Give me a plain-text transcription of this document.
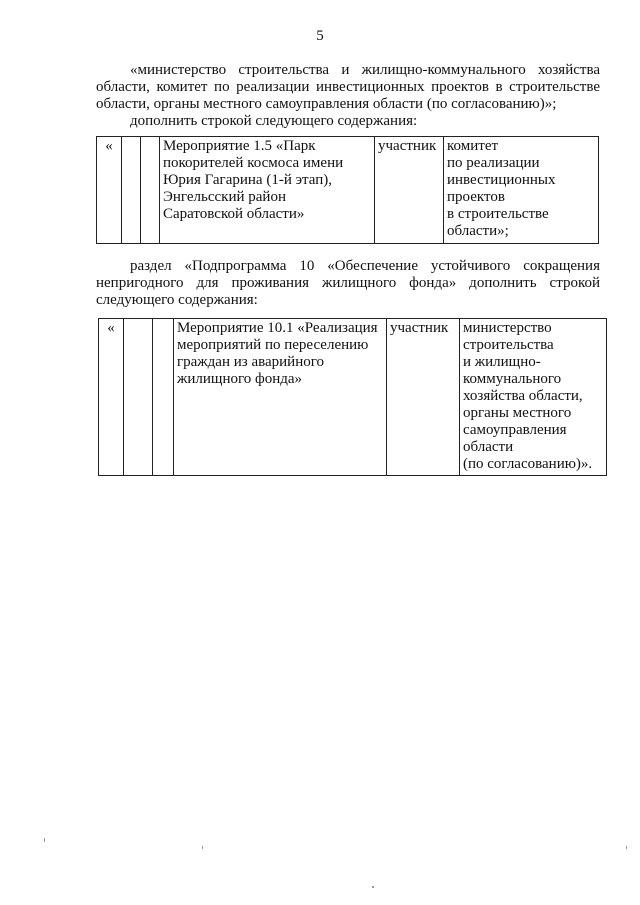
5
«министерство строительства и жилищно-коммунального хозяйства
области, комитет по реализации инвестиционных проектов в строительстве
области, органы местного самоуправления области (по согласованию)»;
дополнить строкой следующего содержания:
«			Мероприятие 1.5 «Парк
покорителей космоса имени
Юрия Гагарина (1-й этап),
Энгельсский район
Саратовской области»
	участник	комитет
по реализации
инвестиционных
проектов
в строительстве
области»;
раздел «Подпрограмма 10 «Обеспечение устойчивого сокращения
непригодного для проживания жилищного фонда» дополнить строкой
следующего содержания:
«			Мероприятие 10.1 «Реализация
мероприятий по переселению
граждан из аварийного
жилищного фонда»
	участник	министерство
строительства
и жилищно-
коммунального
хозяйства области,
органы местного
самоуправления
области
(по согласованию)».
